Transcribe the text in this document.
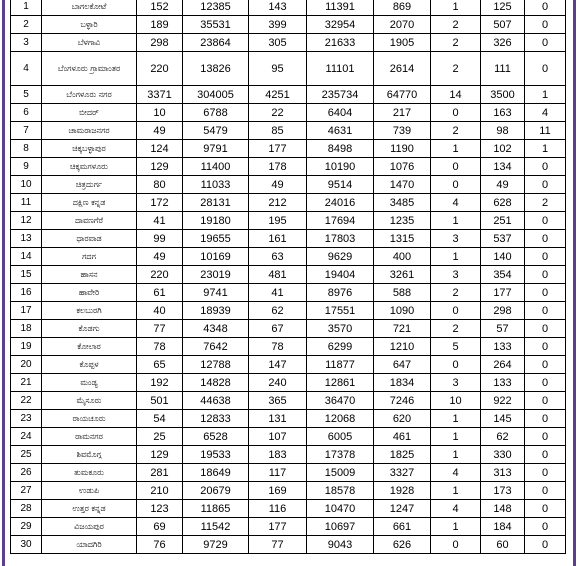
1	ಬಾಗಲಕೋಟೆ	152	12385	143	11391	869	1	125	0
2	ಬಳ್ಳಾರಿ	189	35531	399	32954	2070	2	507	0
3	ಬೆಳಗಾವಿ	298	23864	305	21633	1905	2	326	0
4	ಬೆಂಗಳೂರು ಗ್ರಾಮಾಂತರ	220	13826	95	11101	2614	2	111	0
5	ಬೆಂಗಳೂರು ನಗರ	3371	304005	4251	235734	64770	14	3500	1
6	ಬೀದರ್	10	6788	22	6404	217	0	163	4
7	ಚಾಮರಾಜನಗರ	49	5479	85	4631	739	2	98	11
8	ಚಿಕ್ಕಬಳ್ಳಾಪುರ	124	9791	177	8498	1190	1	102	1
9	ಚಿಕ್ಕಮಗಳೂರು	129	11400	178	10190	1076	0	134	0
10	ಚಿತ್ರದುರ್ಗ	80	11033	49	9514	1470	0	49	0
11	ದಕ್ಷಿಣ ಕನ್ನಡ	172	28131	212	24016	3485	4	628	2
12	ದಾವಣಗೆರೆ	41	19180	195	17694	1235	1	251	0
13	ಧಾರವಾಡ	99	19655	161	17803	1315	3	537	0
14	ಗದಗ	49	10169	63	9629	400	1	140	0
15	ಹಾಸನ	220	23019	481	19404	3261	3	354	0
16	ಹಾವೇರಿ	61	9741	41	8976	588	2	177	0
17	ಕಲಬುರಗಿ	40	18939	62	17551	1090	0	298	0
18	ಕೊಡಗು	77	4348	67	3570	721	2	57	0
19	ಕೋಲಾರ	78	7642	78	6299	1210	5	133	0
20	ಕೊಪ್ಪಳ	65	12788	147	11877	647	0	264	0
21	ಮಂಡ್ಯ	192	14828	240	12861	1834	3	133	0
22	ಮೈಸೂರು	501	44638	365	36470	7246	10	922	0
23	ರಾಯಚೂರು	54	12833	131	12068	620	1	145	0
24	ರಾಮನಗರ	25	6528	107	6005	461	1	62	0
25	ಶಿವಮೊಗ್ಗ	129	19533	183	17378	1825	1	330	0
26	ತುಮಕೂರು	281	18649	117	15009	3327	4	313	0
27	ಉಡುಪಿ	210	20679	169	18578	1928	1	173	0
28	ಉತ್ತರ ಕನ್ನಡ	123	11865	116	10470	1247	4	148	0
29	ವಿಜಯಪುರ	69	11542	177	10697	661	1	184	0
30	ಯಾದಗಿರಿ	76	9729	77	9043	626	0	60	0
